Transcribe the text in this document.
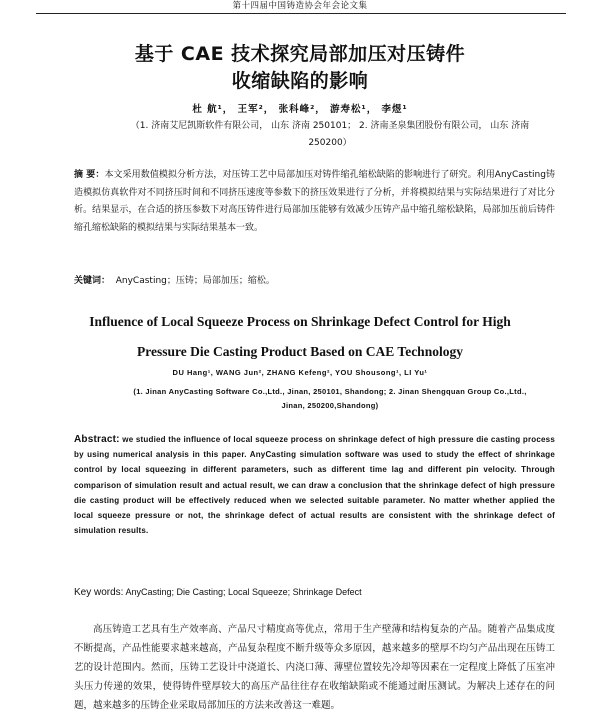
第十四届中国铸造协会年会论文集
基于 CAE 技术探究局部加压对压铸件
收缩缺陷的影响
杜 航¹， 王军²， 张科峰²， 游寿松¹， 李煜¹
（1. 济南艾尼凯斯软件有限公司， 山东 济南 250101； 2. 济南圣泉集团股份有限公司， 山东 济南 250200）
摘 要：本文采用数值模拟分析方法，对压铸工艺中局部加压对铸件缩孔缩松缺陷的影响进行了研究。利用AnyCasting铸造模拟仿真软件对不同挤压时间和不同挤压速度等参数下的挤压效果进行了分析，并将模拟结果与实际结果进行了对比分析。结果显示，在合适的挤压参数下对高压铸件进行局部加压能够有效减少压铸产品中缩孔缩松缺陷，局部加压前后铸件缩孔缩松缺陷的模拟结果与实际结果基本一致。
关键词： AnyCasting；压铸；局部加压；缩松。
Influence of Local Squeeze Process on Shrinkage Defect Control for High
Pressure Die Casting Product Based on CAE Technology
DU Hang¹, WANG Jun², ZHANG Kefeng², YOU Shousong¹, LI Yu¹
(1. Jinan AnyCasting Software Co.,Ltd., Jinan, 250101, Shandong; 2. Jinan Shengquan Group Co.,Ltd., Jinan, 250200,Shandong)
Abstract: we studied the influence of local squeeze process on shrinkage defect of high pressure die casting process by using numerical analysis in this paper. AnyCasting simulation software was used to study the effect of shrinkage control by local squeezing in different parameters, such as different time lag and different pin velocity. Through comparison of simulation result and actual result, we can draw a conclusion that the shrinkage defect of high pressure die casting product will be effectively reduced when we selected suitable parameter. No matter whether applied the local squeeze pressure or not, the shrinkage defect of actual results are consistent with the shrinkage defect of simulation results.
Key words: AnyCasting; Die Casting; Local Squeeze; Shrinkage Defect
高压铸造工艺具有生产效率高、产品尺寸精度高等优点，常用于生产壁薄和结构复杂的产品。随着产品集成度不断提高，产品性能要求越来越高，产品复杂程度不断升级等众多原因，越来越多的壁厚不均匀产品出现在压铸工艺的设计范围内。然而，压铸工艺设计中浇道长、内浇口薄、薄壁位置较先冷却等因素在一定程度上降低了压室冲头压力传递的效果，使得铸件壁厚较大的高压产品往往存在收缩缺陷或不能通过耐压测试。为解决上述存在的问题，越来越多的压铸企业采取局部加压的方法来改善这一难题。
